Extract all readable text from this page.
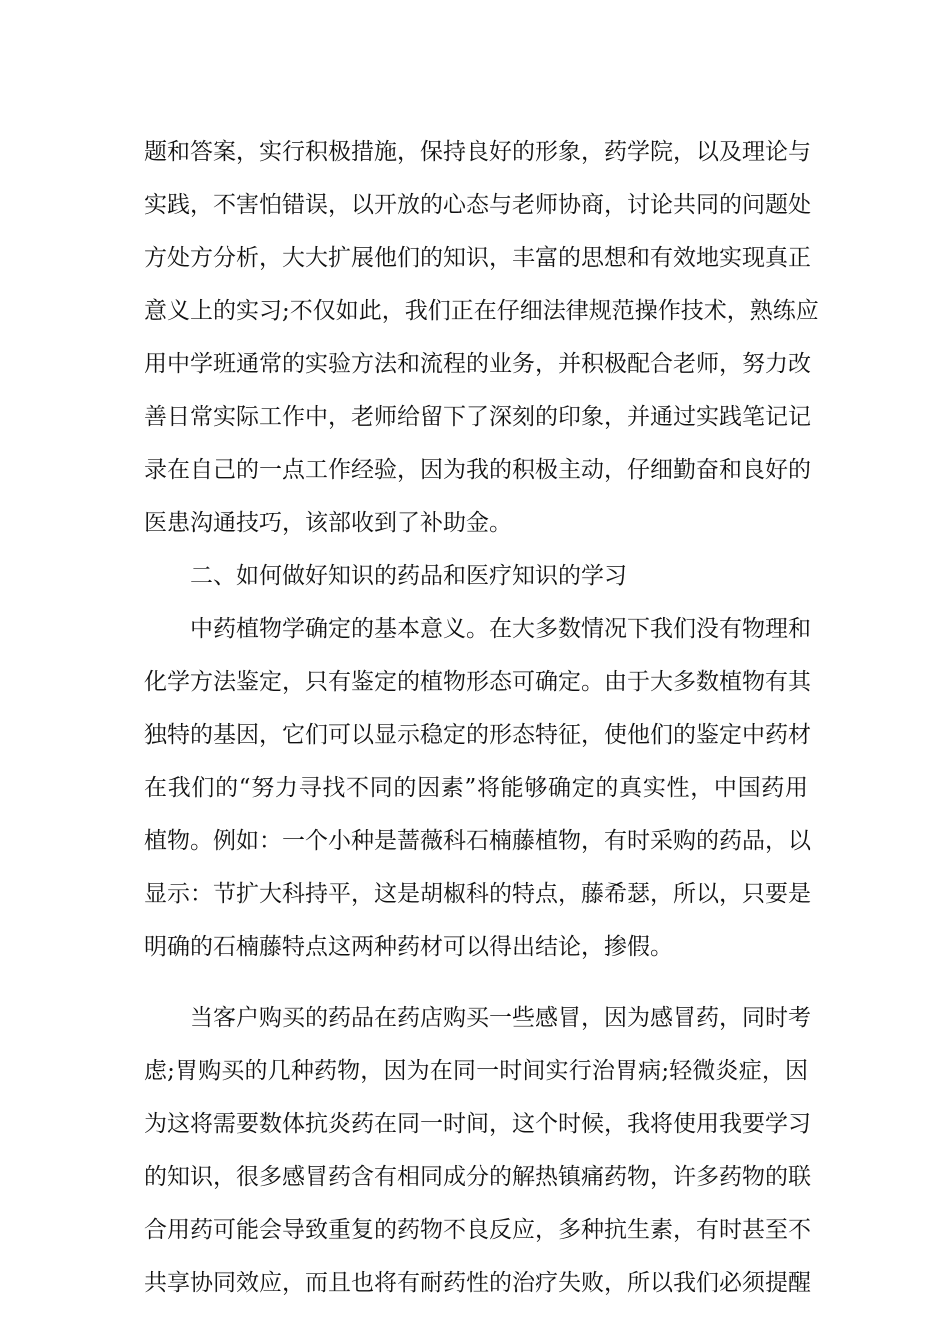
题和答案，实行积极措施，保持良好的形象，药学院，以及理论与
实践，不害怕错误，以开放的心态与老师协商，讨论共同的问题处
方处方分析，大大扩展他们的知识，丰富的思想和有效地实现真正
意义上的实习;不仅如此，我们正在仔细法律规范操作技术，熟练应
用中学班通常的实验方法和流程的业务，并积极配合老师，努力改
善日常实际工作中，老师给留下了深刻的印象，并通过实践笔记记
录在自己的一点工作经验，因为我的积极主动，仔细勤奋和良好的
医患沟通技巧，该部收到了补助金。
二、如何做好知识的药品和医疗知识的学习
中药植物学确定的基本意义。在大多数情况下我们没有物理和
化学方法鉴定，只有鉴定的植物形态可确定。由于大多数植物有其
独特的基因，它们可以显示稳定的形态特征，使他们的鉴定中药材
在我们的“努力寻找不同的因素”将能够确定的真实性，中国药用
植物。例如：一个小种是蔷薇科石楠藤植物，有时采购的药品，以
显示：节扩大科持平，这是胡椒科的特点，藤希瑟，所以，只要是
明确的石楠藤特点这两种药材可以得出结论，掺假。
当客户购买的药品在药店购买一些感冒，因为感冒药，同时考
虑;胃购买的几种药物，因为在同一时间实行治胃病;轻微炎症，因
为这将需要数体抗炎药在同一时间，这个时候，我将使用我要学习
的知识，很多感冒药含有相同成分的解热镇痛药物，许多药物的联
合用药可能会导致重复的药物不良反应，多种抗生素，有时甚至不
共享协同效应，而且也将有耐药性的治疗失败，所以我们必须提醒
